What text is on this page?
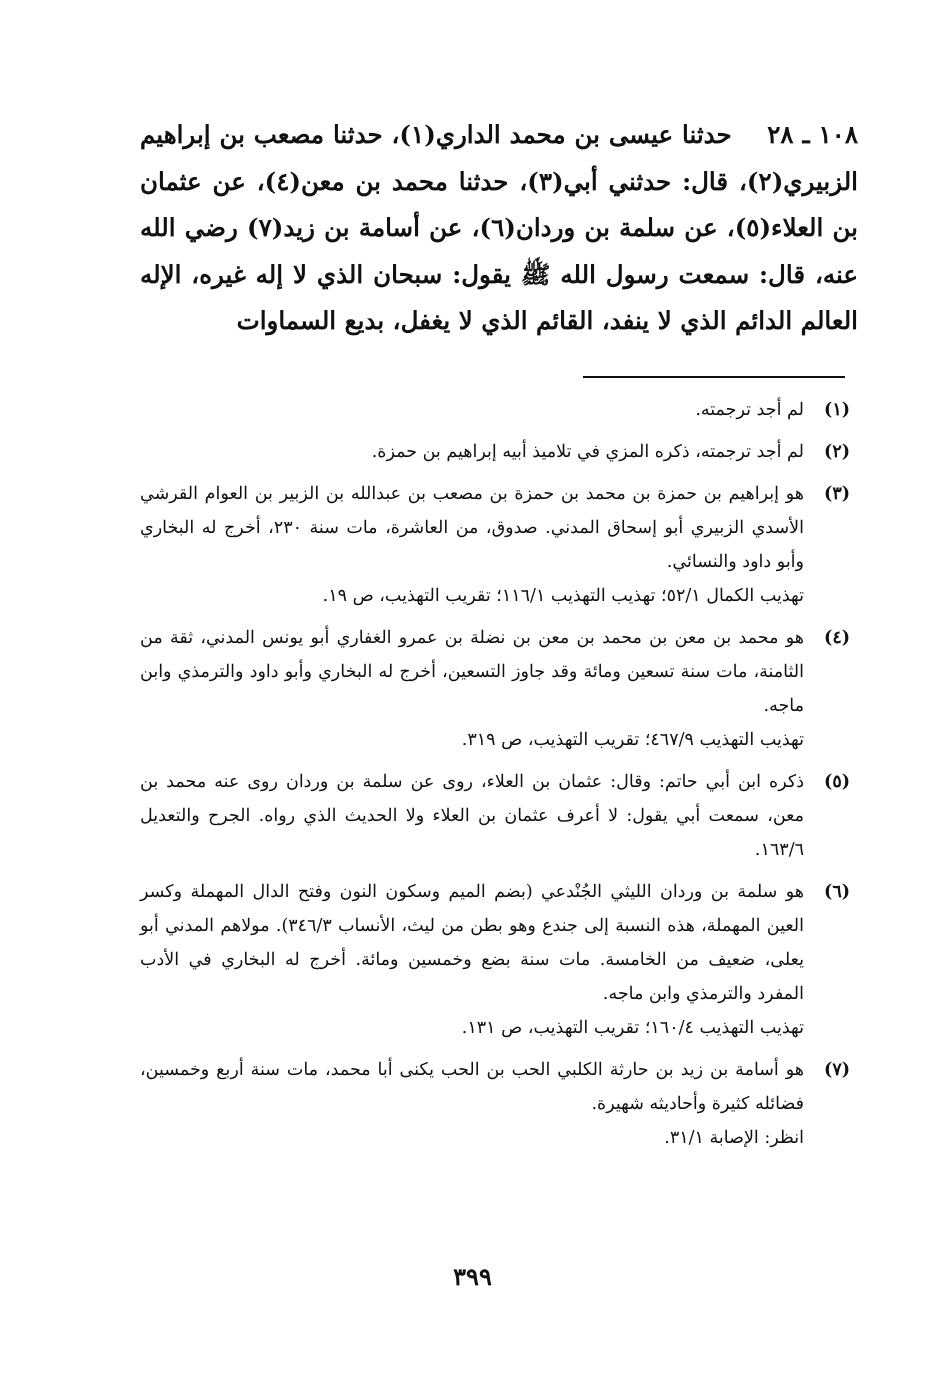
١٠٨ ـ ٢٨    حدثنا عيسى بن محمد الداري(١)، حدثنا مصعب بن إبراهيم الزبيري(٢)، قال: حدثني أبي(٣)، حدثنا محمد بن معن(٤)، عن عثمان بن العلاء(٥)، عن سلمة بن وردان(٦)، عن أسامة بن زيد(٧) رضي الله عنه، قال: سمعت رسول الله ﷺ يقول: سبحان الذي لا إله غيره، الإله العالم الدائم الذي لا ينفد، القائم الذي لا يغفل، بديع السماوات
(١)
لم أجد ترجمته.
(٢)
لم أجد ترجمته، ذكره المزي في تلاميذ أبيه إبراهيم بن حمزة.
(٣)
هو إبراهيم بن حمزة بن محمد بن حمزة بن مصعب بن عبدالله بن الزبير بن العوام القرشي الأسدي الزبيري أبو إسحاق المدني. صدوق، من العاشرة، مات سنة ٢٣٠، أخرج له البخاري وأبو داود والنسائي.
تهذيب الكمال ٥٢/١؛ تهذيب التهذيب ١١٦/١؛ تقريب التهذيب، ص ١٩.
(٤)
هو محمد بن معن بن محمد بن معن بن نضلة بن عمرو الغفاري أبو يونس المدني، ثقة من الثامنة، مات سنة تسعين ومائة وقد جاوز التسعين، أخرج له البخاري وأبو داود والترمذي وابن ماجه.
تهذيب التهذيب ٤٦٧/٩؛ تقريب التهذيب، ص ٣١٩.
(٥)
ذكره ابن أبي حاتم: وقال: عثمان بن العلاء، روى عن سلمة بن وردان روى عنه محمد بن معن، سمعت أبي يقول: لا أعرف عثمان بن العلاء ولا الحديث الذي رواه. الجرح والتعديل ١٦٣/٦.
(٦)
هو سلمة بن وردان الليثي الجُنْدعي (بضم الميم وسكون النون وفتح الدال المهملة وكسر العين المهملة، هذه النسبة إلى جندع وهو بطن من ليث، الأنساب ٣٤٦/٣). مولاهم المدني أبو يعلى، ضعيف من الخامسة. مات سنة بضع وخمسين ومائة. أخرج له البخاري في الأدب المفرد والترمذي وابن ماجه.
تهذيب التهذيب ١٦٠/٤؛ تقريب التهذيب، ص ١٣١.
(٧)
هو أسامة بن زيد بن حارثة الكلبي الحب بن الحب يكنى أبا محمد، مات سنة أربع وخمسين، فضائله كثيرة وأحاديثه شهيرة.
انظر: الإصابة ٣١/١.
٣٩٩
